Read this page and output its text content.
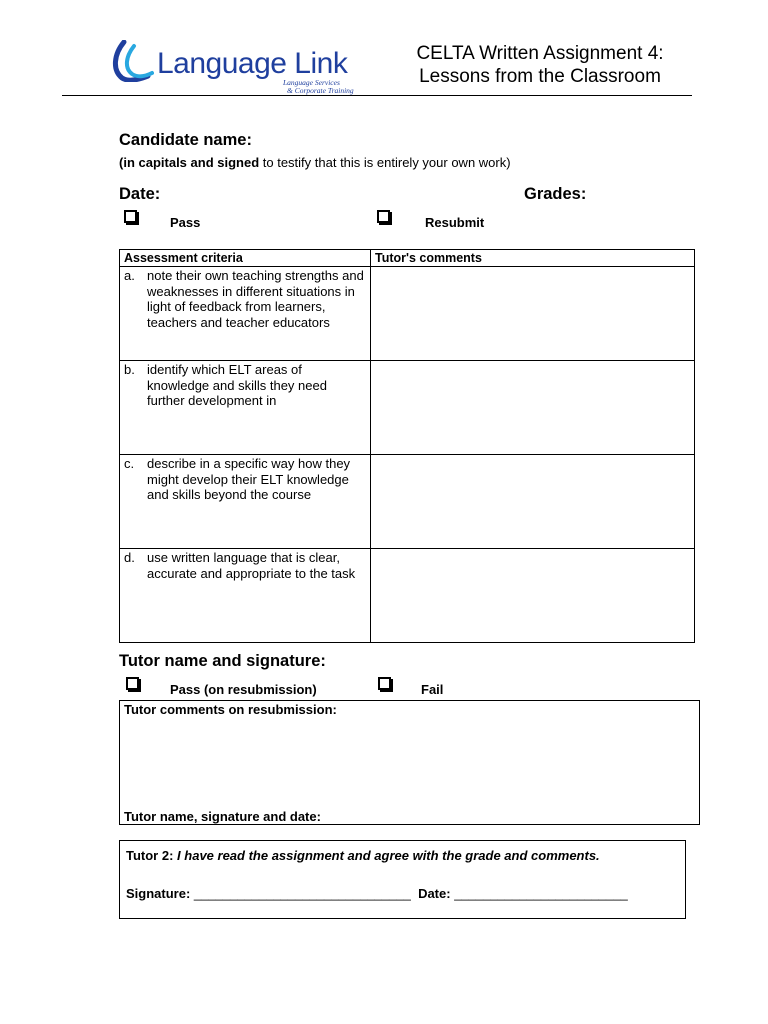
Language Link
Language Services
& Corporate Training
CELTA Written Assignment 4:
Lessons from the Classroom
Candidate name:
(in capitals and signed to testify that this is entirely your own work)
Date:	Grades:
Pass	Resubmit
Assessment criteria	Tutor's comments

a. note their own teaching strengths and weaknesses in different situations in light of feedback from learners, teachers and teacher educators	

b. identify which ELT areas of knowledge and skills they need further development in	

c. describe in a specific way how they might develop their ELT knowledge and skills beyond the course	

d. use written language that is clear, accurate and appropriate to the task	

Tutor name and signature:
Pass (on resubmission)	Fail
Tutor comments on resubmission:
Tutor name, signature and date:
Tutor 2: I have read the assignment and agree with the grade and comments.
Signature: ______________________________ Date: ________________________
